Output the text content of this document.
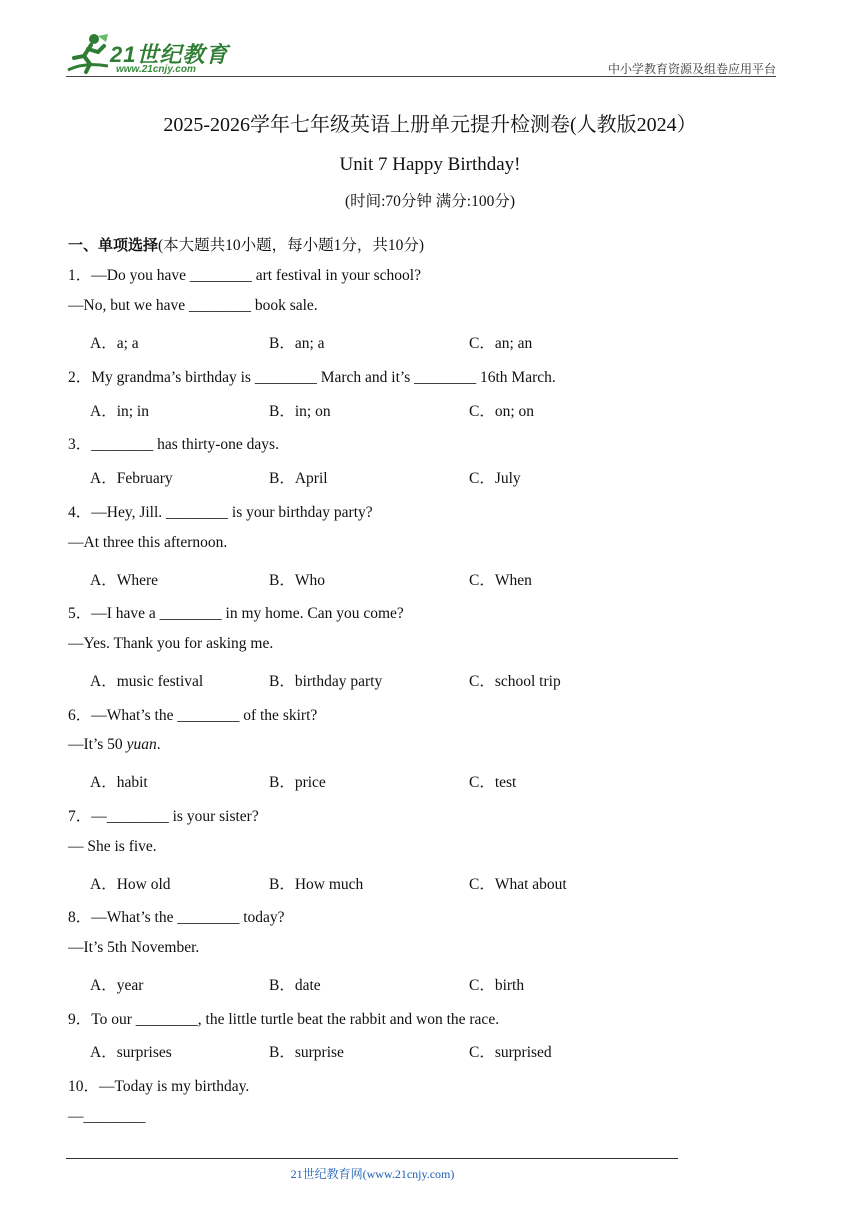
21世纪教育
www.21cnjy.com	中小学教育资源及组卷应用平台
2025-2026学年七年级英语上册单元提升检测卷(人教版2024）
Unit 7 Happy Birthday!
(时间:70分钟 满分:100分)
一、单项选择(本大题共10小题，每小题1分，共10分)
1．—Do you have ________ art festival in your school?
—No, but we have ________ book sale.
A．a; a	B．an; a	C．an; an
2．My grandma’s birthday is ________ March and it’s ________ 16th March.
A．in; in	B．in; on	C．on; on
3．________ has thirty-one days.
A．February	B．April	C．July
4．—Hey, Jill. ________ is your birthday party?
—At three this afternoon.
A．Where	B．Who	C．When
5．—I have a ________ in my home. Can you come?
—Yes. Thank you for asking me.
A．music festival	B．birthday party	C．school trip
6．—What’s the ________ of the skirt?
—It’s 50 yuan.
A．habit	B．price	C．test
7．—________ is your sister?
— She is five.
A．How old	B．How much	C．What about
8．—What’s the ________ today?
—It’s 5th November.
A．year	B．date	C．birth
9．To our ________, the little turtle beat the rabbit and won the race.
A．surprises	B．surprise	C．surprised
10．—Today is my birthday.
—________
21世纪教育网(www.21cnjy.com)
